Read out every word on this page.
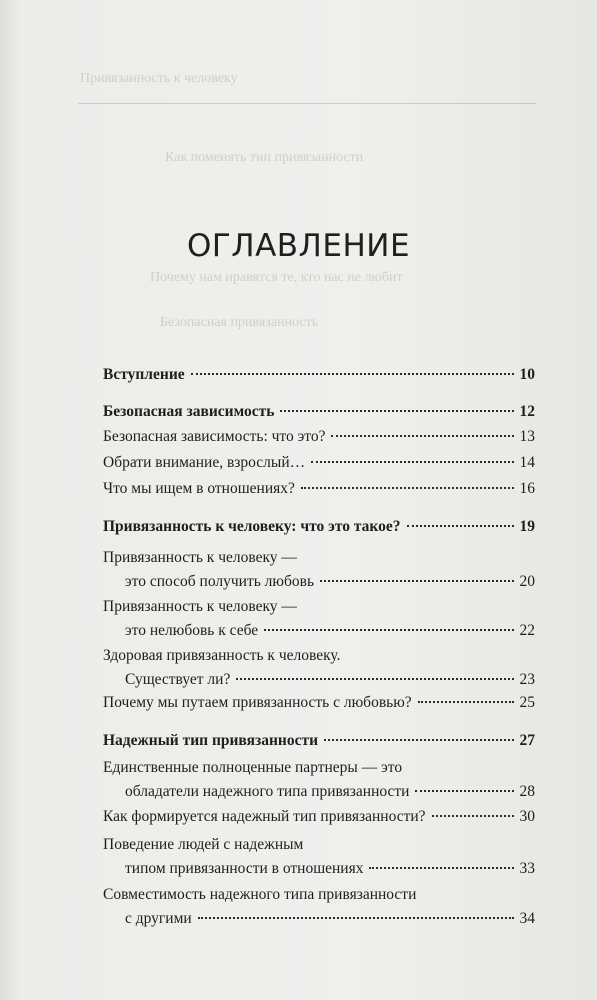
Привязанность к человеку
Как поменять тип привязанности
Почему нам нравятся те, кто нас не любит
Безопасная привязанность
ОГЛАВЛЕНИЕ
Вступление	10
Безопасная зависимость	12
Безопасная зависимость: что это?	13
Обрати внимание, взрослый…	14
Что мы ищем в отношениях?	16
Привязанность к человеку: что это такое?	19
Привязанность к человеку —
это способ получить любовь	20
Привязанность к человеку —
это нелюбовь к себе	22
Здоровая привязанность к человеку.
Существует ли?	23
Почему мы путаем привязанность с любовью?	25
Надежный тип привязанности	27
Единственные полноценные партнеры — это
обладатели надежного типа привязанности	28
Как формируется надежный тип привязанности?	30
Поведение людей с надежным
типом привязанности в отношениях	33
Совместимость надежного типа привязанности
с другими	34
